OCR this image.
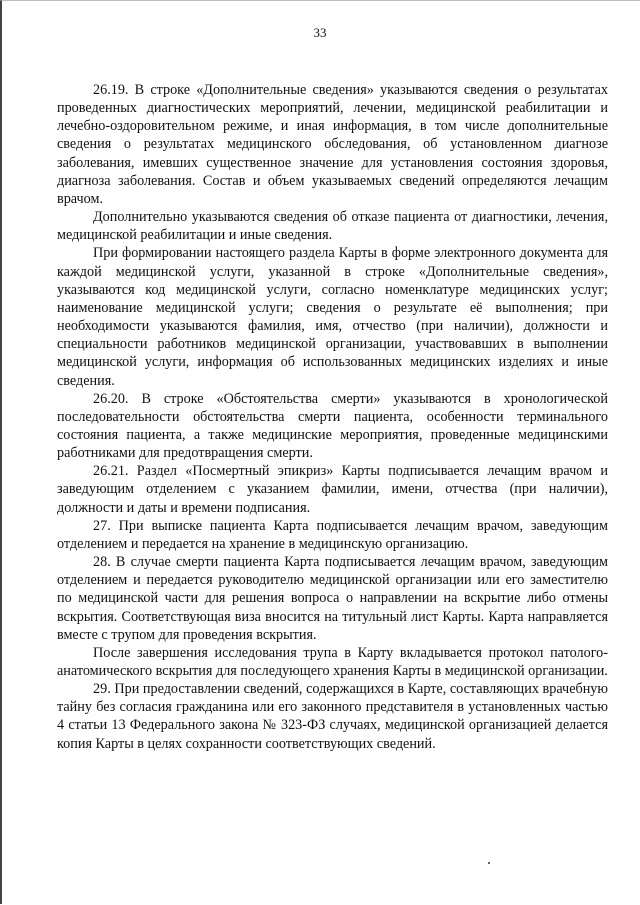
33

26.19. В строке «Дополнительные сведения» указываются сведения о результатах проведенных диагностических мероприятий, лечении, медицинской реабилитации и лечебно-оздоровительном режиме, и иная информация, в том числе дополнительные сведения о результатах медицинского обследования, об установленном диагнозе заболевания, имевших существенное значение для установления состояния здоровья, диагноза заболевания. Состав и объем указываемых сведений определяются лечащим врачом.

Дополнительно указываются сведения об отказе пациента от диагностики, лечения, медицинской реабилитации и иные сведения.

При формировании настоящего раздела Карты в форме электронного документа для каждой медицинской услуги, указанной в строке «Дополнительные сведения», указываются код медицинской услуги, согласно номенклатуре медицинских услуг; наименование медицинской услуги; сведения о результате её выполнения; при необходимости указываются фамилия, имя, отчество (при наличии), должности и специальности работников медицинской организации, участвовавших в выполнении медицинской услуги, информация об использованных медицинских изделиях и иные сведения.

26.20. В строке «Обстоятельства смерти» указываются в хронологической последовательности обстоятельства смерти пациента, особенности терминального состояния пациента, а также медицинские мероприятия, проведенные медицинскими работниками для предотвращения смерти.

26.21. Раздел «Посмертный эпикриз» Карты подписывается лечащим врачом и заведующим отделением с указанием фамилии, имени, отчества (при наличии), должности и даты и времени подписания.

27. При выписке пациента Карта подписывается лечащим врачом, заведующим отделением и передается на хранение в медицинскую организацию.

28. В случае смерти пациента Карта подписывается лечащим врачом, заведующим отделением и передается руководителю медицинской организации или его заместителю по медицинской части для решения вопроса о направлении на вскрытие либо отмены вскрытия. Соответствующая виза вносится на титульный лист Карты. Карта направляется вместе с трупом для проведения вскрытия.

После завершения исследования трупа в Карту вкладывается протокол патолого-анатомического вскрытия для последующего хранения Карты в медицинской организации.

29. При предоставлении сведений, содержащихся в Карте, составляющих врачебную тайну без согласия гражданина или его законного представителя в установленных частью 4 статьи 13 Федерального закона № 323-ФЗ случаях, медицинской организацией делается копия Карты в целях сохранности соответствующих сведений.
